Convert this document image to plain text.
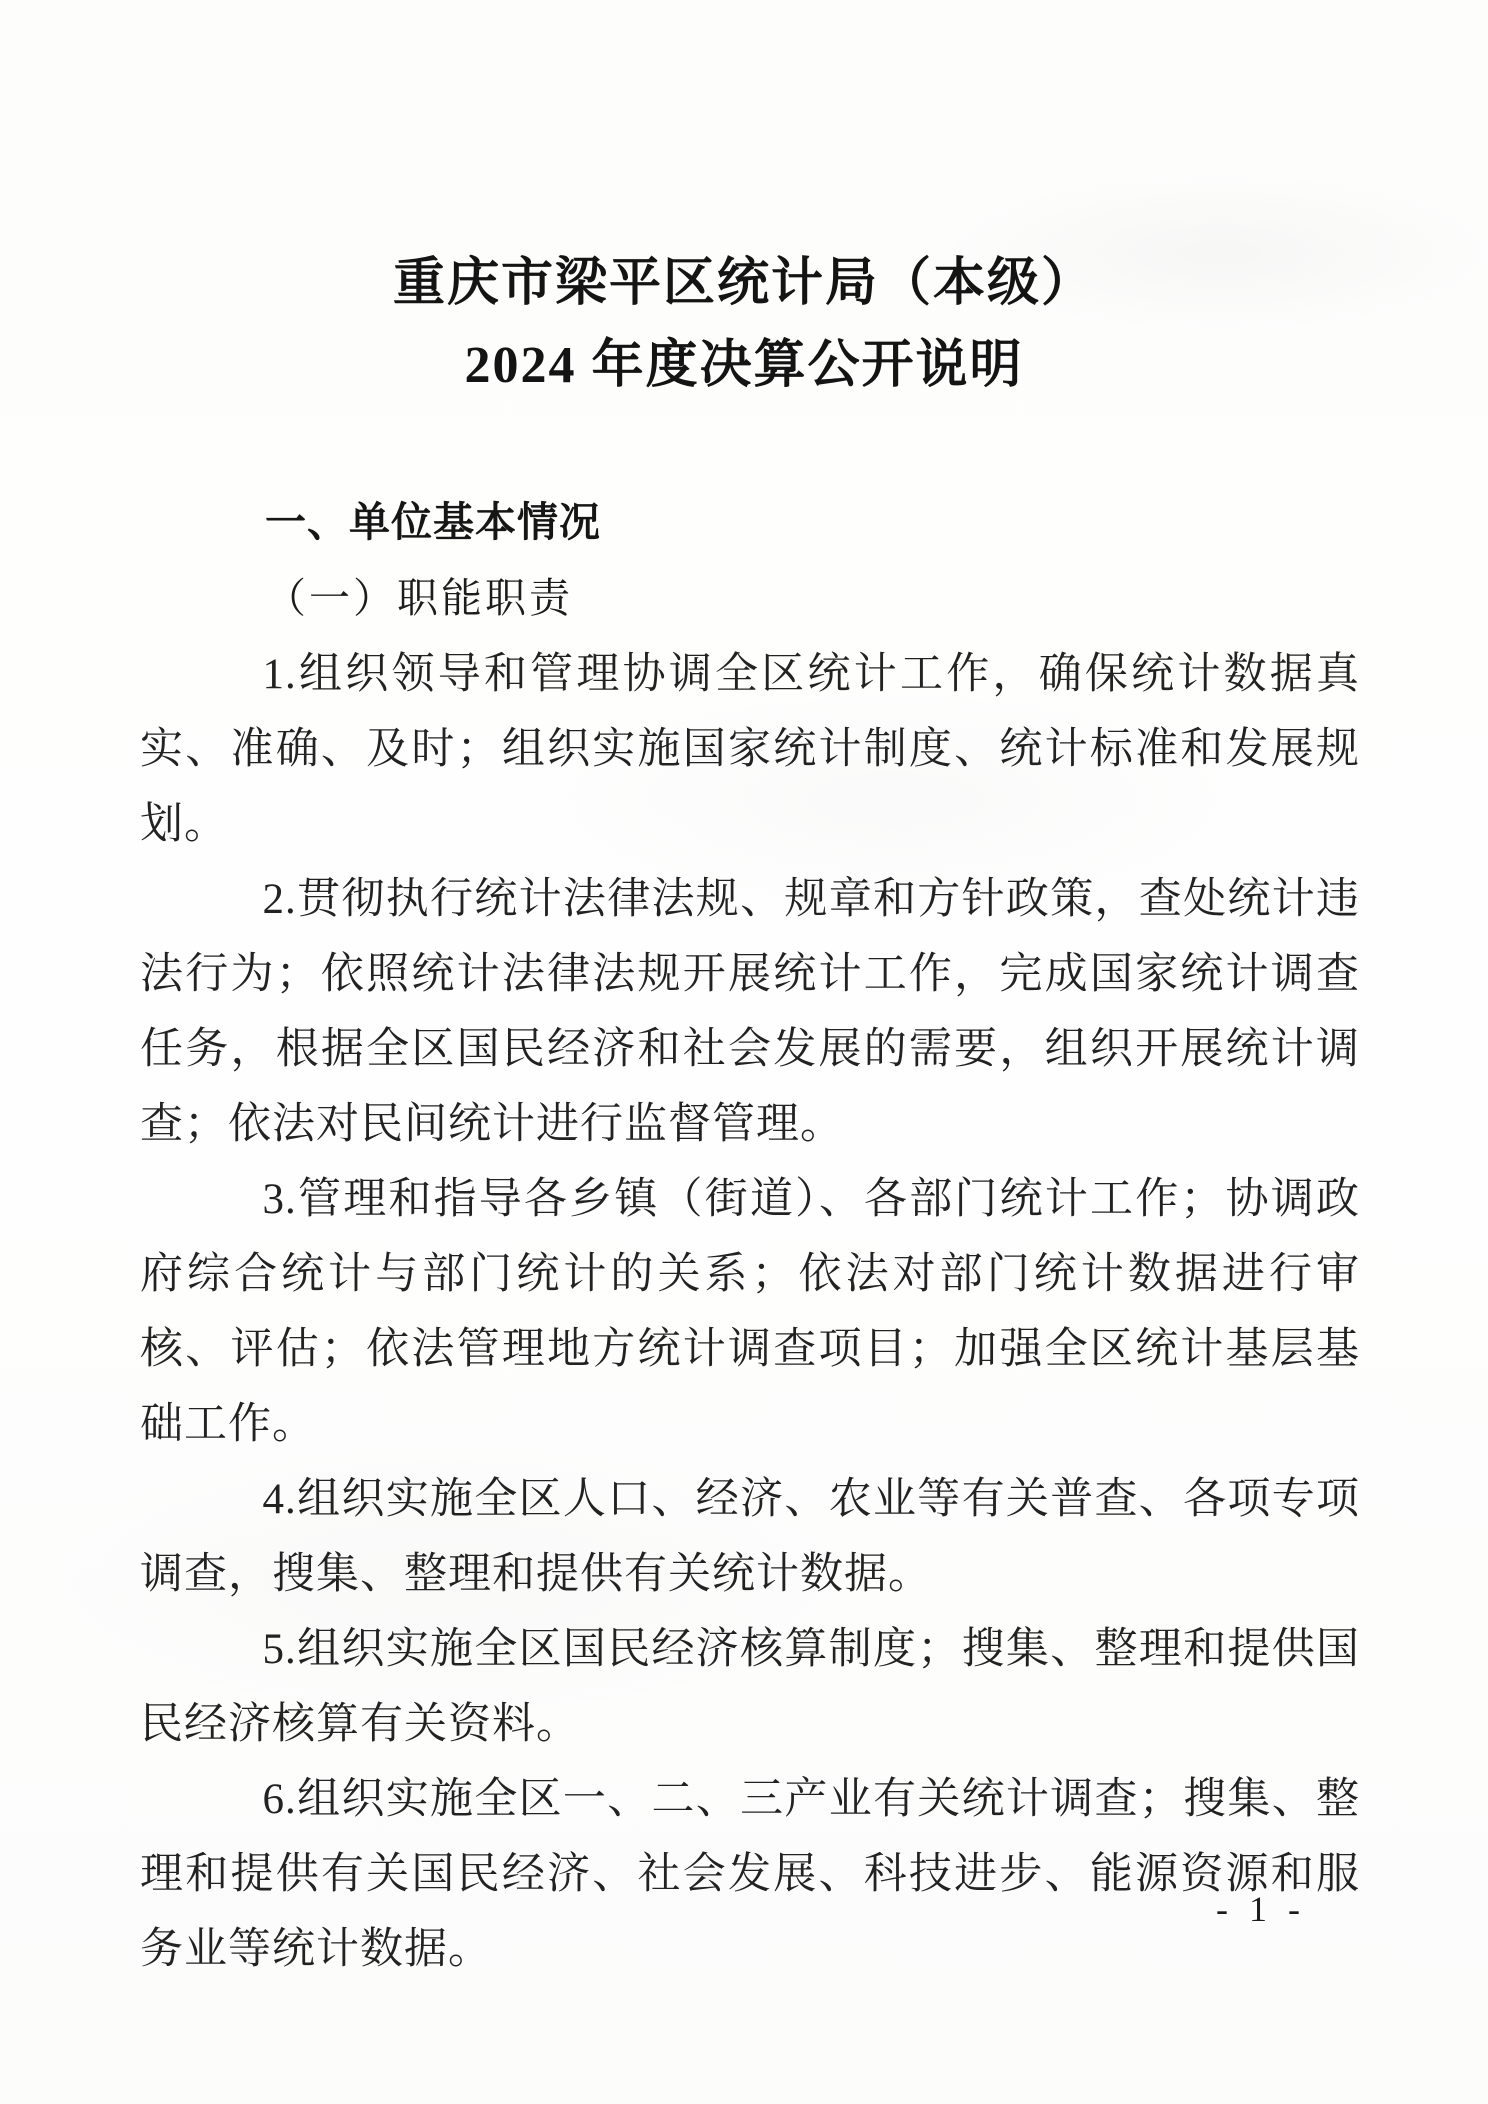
重庆市梁平区统计局（本级）
2024 年度决算公开说明
一、单位基本情况
（一）职能职责

1.组织领导和管理协调全区统计工作，确保统计数据真实、准确、及时；组织实施国家统计制度、统计标准和发展规划。

2.贯彻执行统计法律法规、规章和方针政策，查处统计违法行为；依照统计法律法规开展统计工作，完成国家统计调查任务，根据全区国民经济和社会发展的需要，组织开展统计调查；依法对民间统计进行监督管理。

3.管理和指导各乡镇（街道）、各部门统计工作；协调政府综合统计与部门统计的关系；依法对部门统计数据进行审核、评估；依法管理地方统计调查项目；加强全区统计基层基础工作。

4.组织实施全区人口、经济、农业等有关普查、各项专项调查，搜集、整理和提供有关统计数据。

5.组织实施全区国民经济核算制度；搜集、整理和提供国民经济核算有关资料。

6.组织实施全区一、二、三产业有关统计调查；搜集、整理和提供有关国民经济、社会发展、科技进步、能源资源和服务业等统计数据。

- 1 -
